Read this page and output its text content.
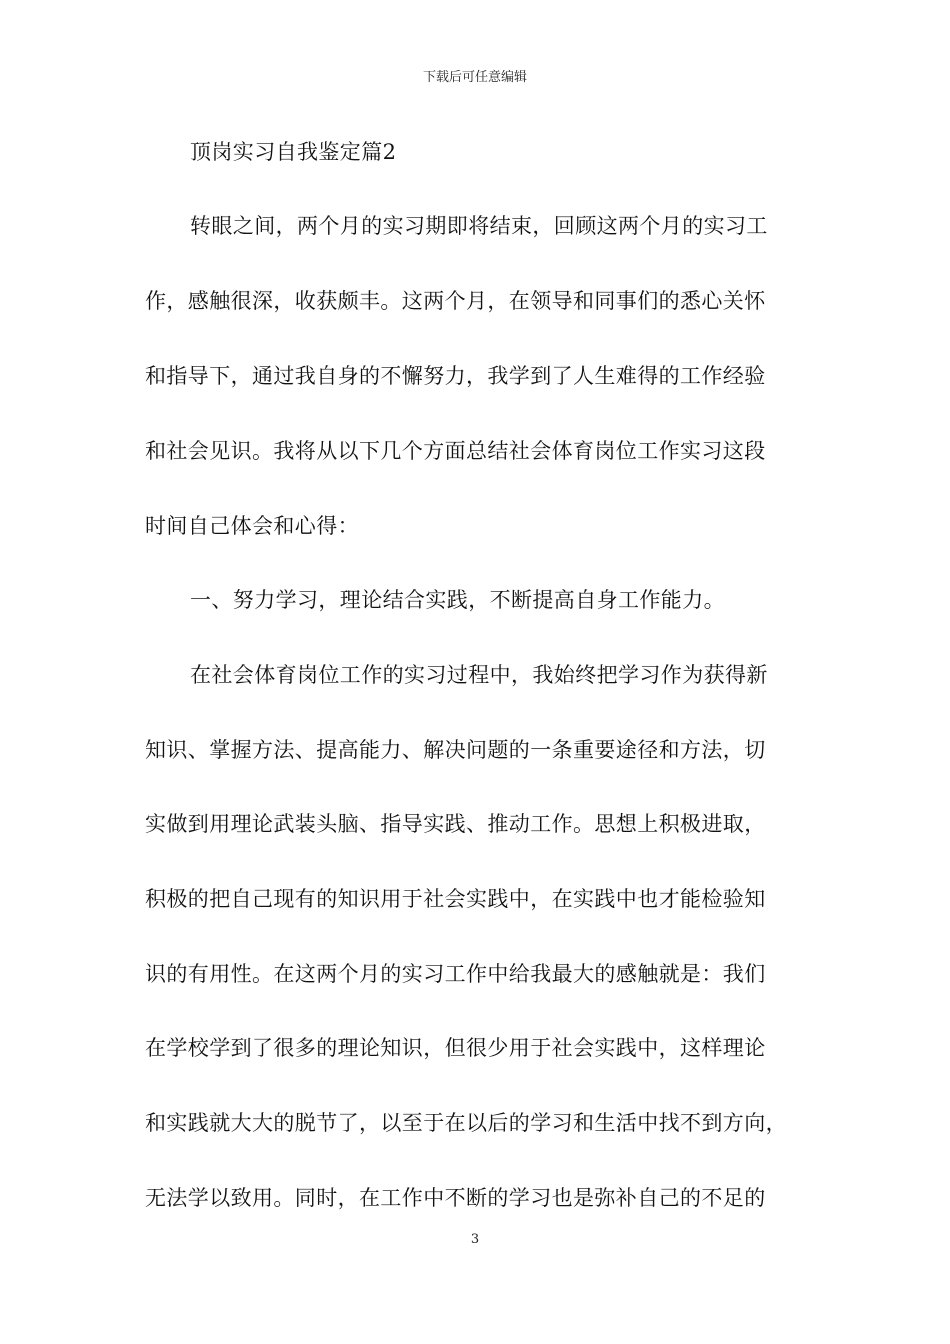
下载后可任意编辑
顶岗实习自我鉴定篇2
转眼之间，两个月的实习期即将结束，回顾这两个月的实习工
作，感触很深，收获颇丰。这两个月，在领导和同事们的悉心关怀
和指导下，通过我自身的不懈努力，我学到了人生难得的工作经验
和社会见识。我将从以下几个方面总结社会体育岗位工作实习这段
时间自己体会和心得：
一、努力学习，理论结合实践，不断提高自身工作能力。
在社会体育岗位工作的实习过程中，我始终把学习作为获得新
知识、掌握方法、提高能力、解决问题的一条重要途径和方法，切
实做到用理论武装头脑、指导实践、推动工作。思想上积极进取，
积极的把自己现有的知识用于社会实践中，在实践中也才能检验知
识的有用性。在这两个月的实习工作中给我最大的感触就是：我们
在学校学到了很多的理论知识，但很少用于社会实践中，这样理论
和实践就大大的脱节了，以至于在以后的学习和生活中找不到方向，
无法学以致用。同时，在工作中不断的学习也是弥补自己的不足的
3
